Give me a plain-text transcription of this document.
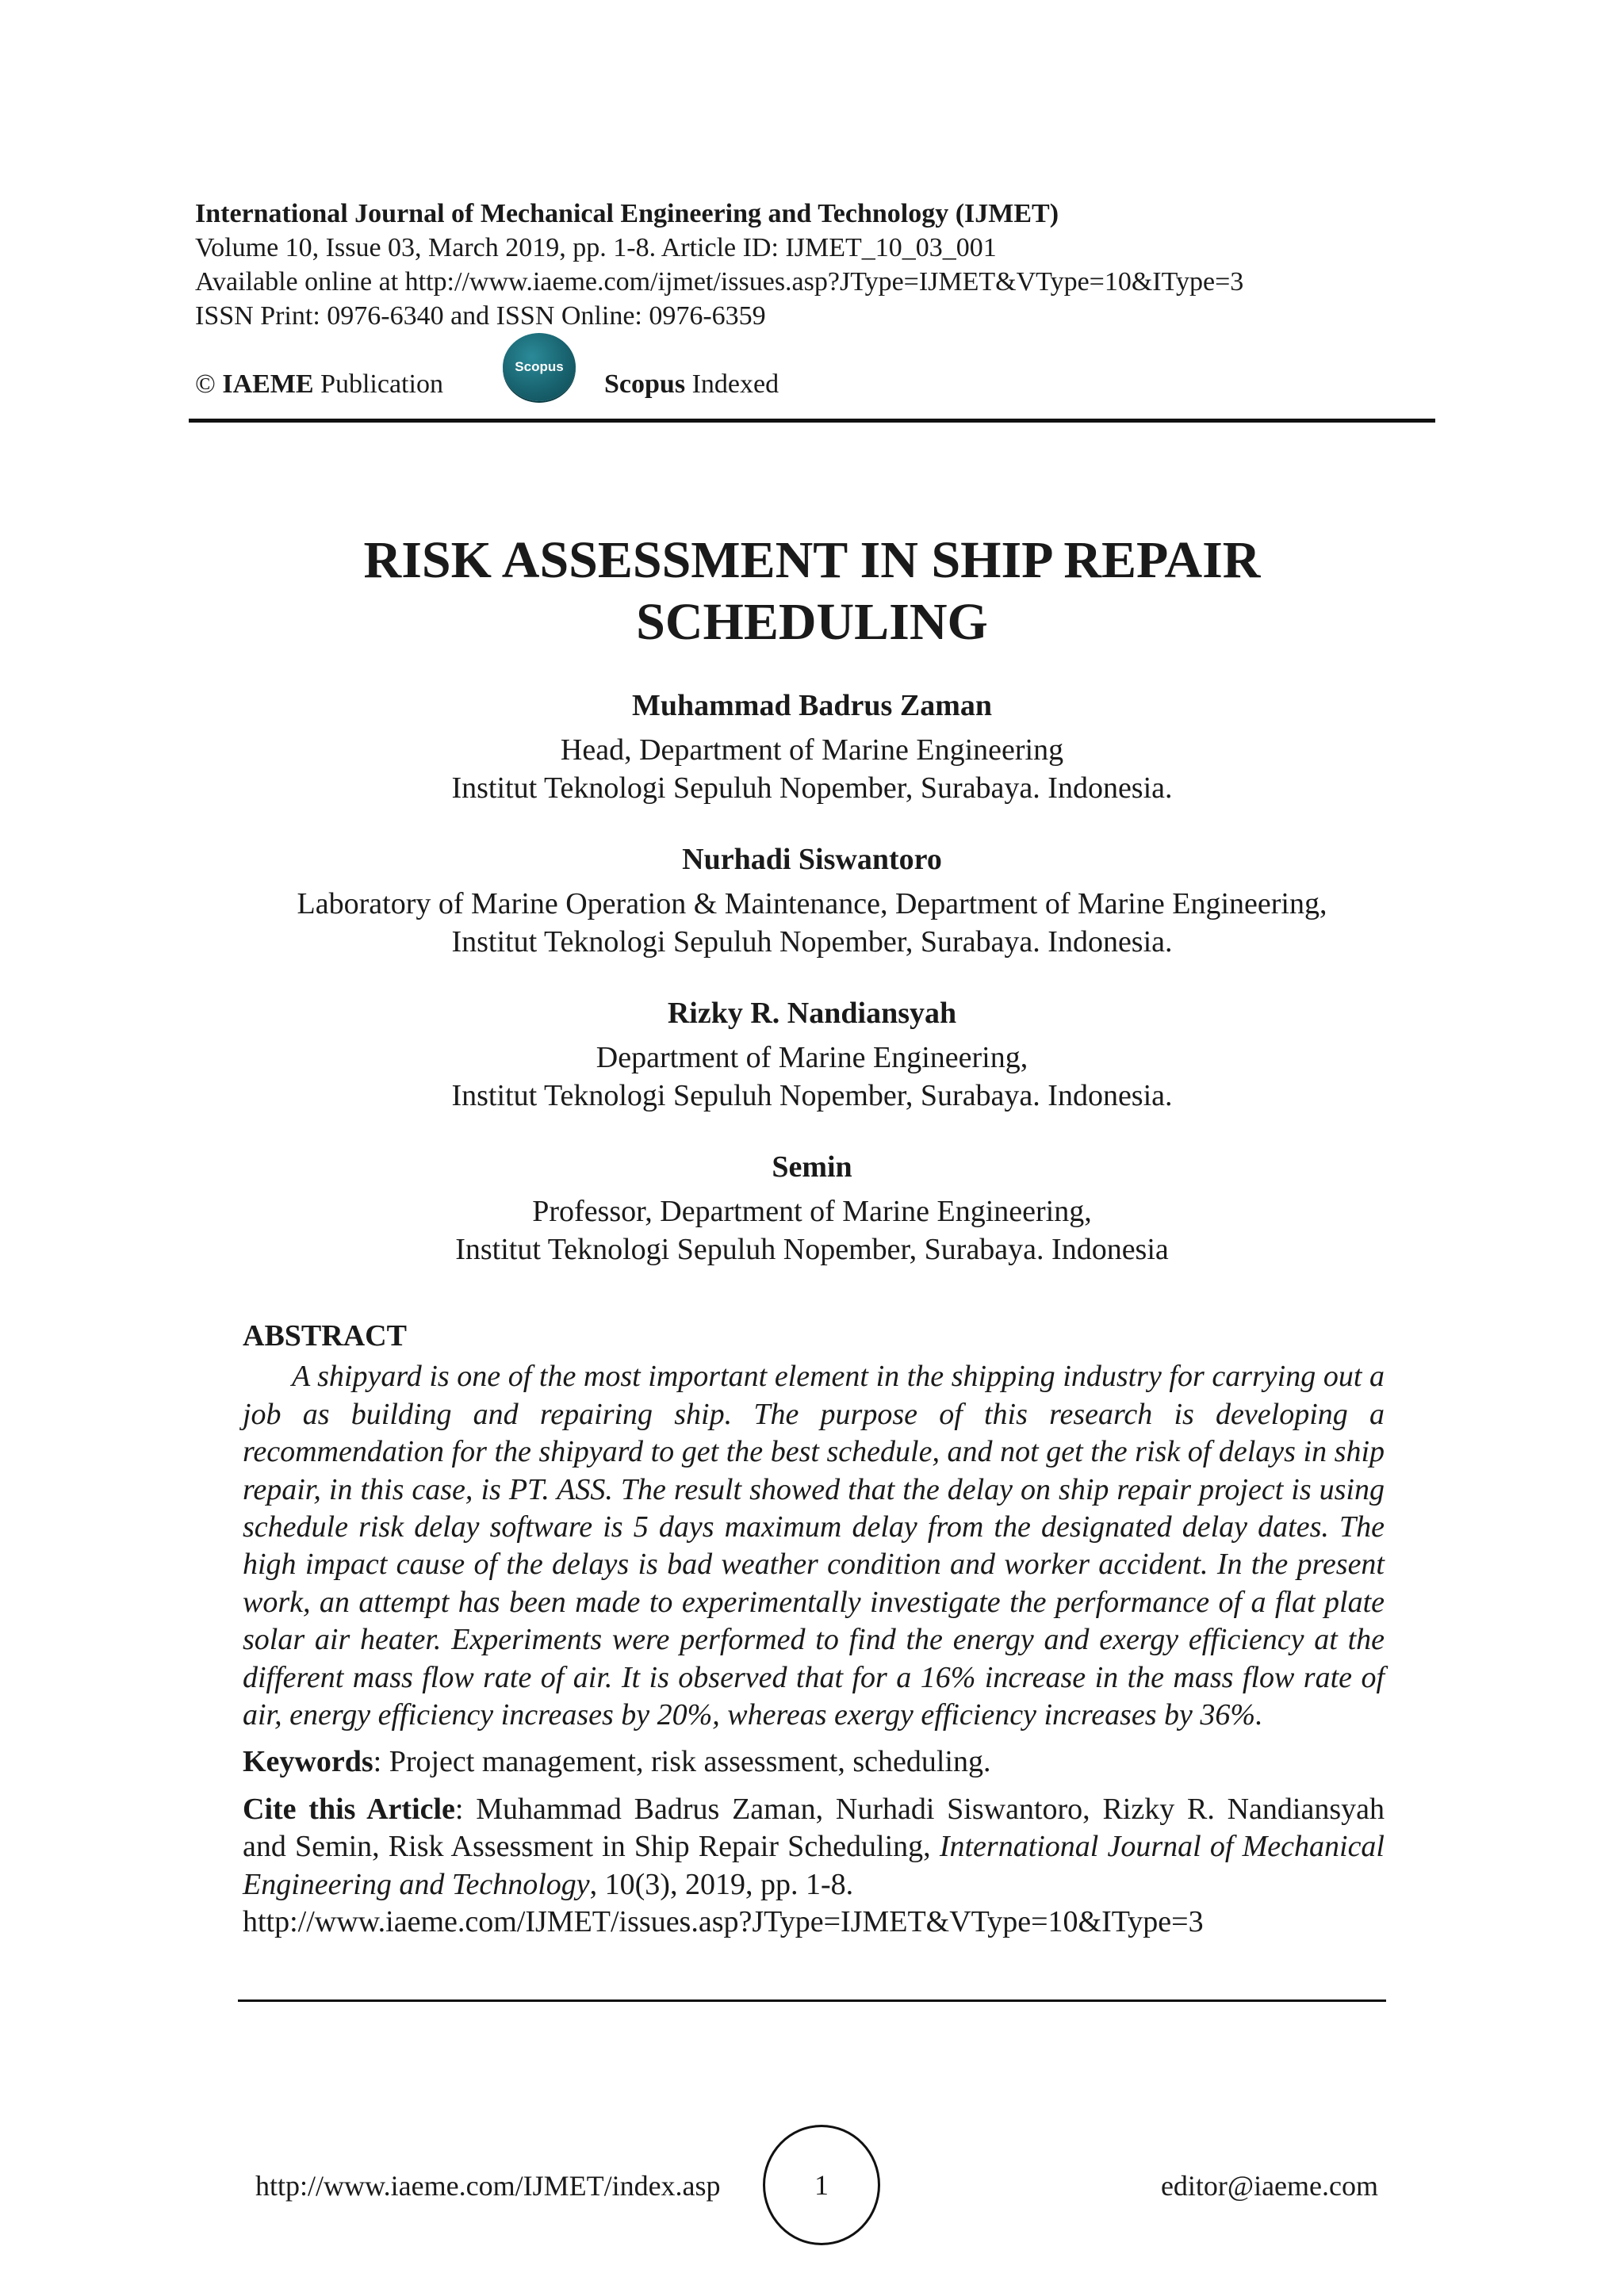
International Journal of Mechanical Engineering and Technology (IJMET)
Volume 10, Issue 03, March 2019, pp. 1-8. Article ID: IJMET_10_03_001
Available online at http://www.iaeme.com/ijmet/issues.asp?JType=IJMET&VType=10&IType=3
ISSN Print: 0976-6340 and ISSN Online: 0976-6359
© IAEME Publication
Scopus
Scopus Indexed
RISK ASSESSMENT IN SHIP REPAIR
SCHEDULING
Muhammad Badrus Zaman
Head, Department of Marine Engineering
Institut Teknologi Sepuluh Nopember, Surabaya. Indonesia.
Nurhadi Siswantoro
Laboratory of Marine Operation & Maintenance, Department of Marine Engineering,
Institut Teknologi Sepuluh Nopember, Surabaya. Indonesia.
Rizky R. Nandiansyah
Department of Marine Engineering,
Institut Teknologi Sepuluh Nopember, Surabaya. Indonesia.
Semin
Professor, Department of Marine Engineering,
Institut Teknologi Sepuluh Nopember, Surabaya. Indonesia
ABSTRACT

A shipyard is one of the most important element in the shipping industry for carrying out a job as building and repairing ship. The purpose of this research is developing a recommendation for the shipyard to get the best schedule, and not get the risk of delays in ship repair, in this case, is PT. ASS. The result showed that the delay on ship repair project is using schedule risk delay software is 5 days maximum delay from the designated delay dates. The high impact cause of the delays is bad weather condition and worker accident. In the present work, an attempt has been made to experimentally investigate the performance of a flat plate solar air heater. Experiments were performed to find the energy and exergy efficiency at the different mass flow rate of air. It is observed that for a 16% increase in the mass flow rate of air, energy efficiency increases by 20%, whereas exergy efficiency increases by 36%.

Keywords: Project management, risk assessment, scheduling.
Cite this Article: Muhammad Badrus Zaman, Nurhadi Siswantoro, Rizky R. Nandiansyah and Semin, Risk Assessment in Ship Repair Scheduling, International Journal of Mechanical Engineering and Technology, 10(3), 2019, pp. 1-8.
http://www.iaeme.com/IJMET/issues.asp?JType=IJMET&VType=10&IType=3
http://www.iaeme.com/IJMET/index.asp	1	editor@iaeme.com
